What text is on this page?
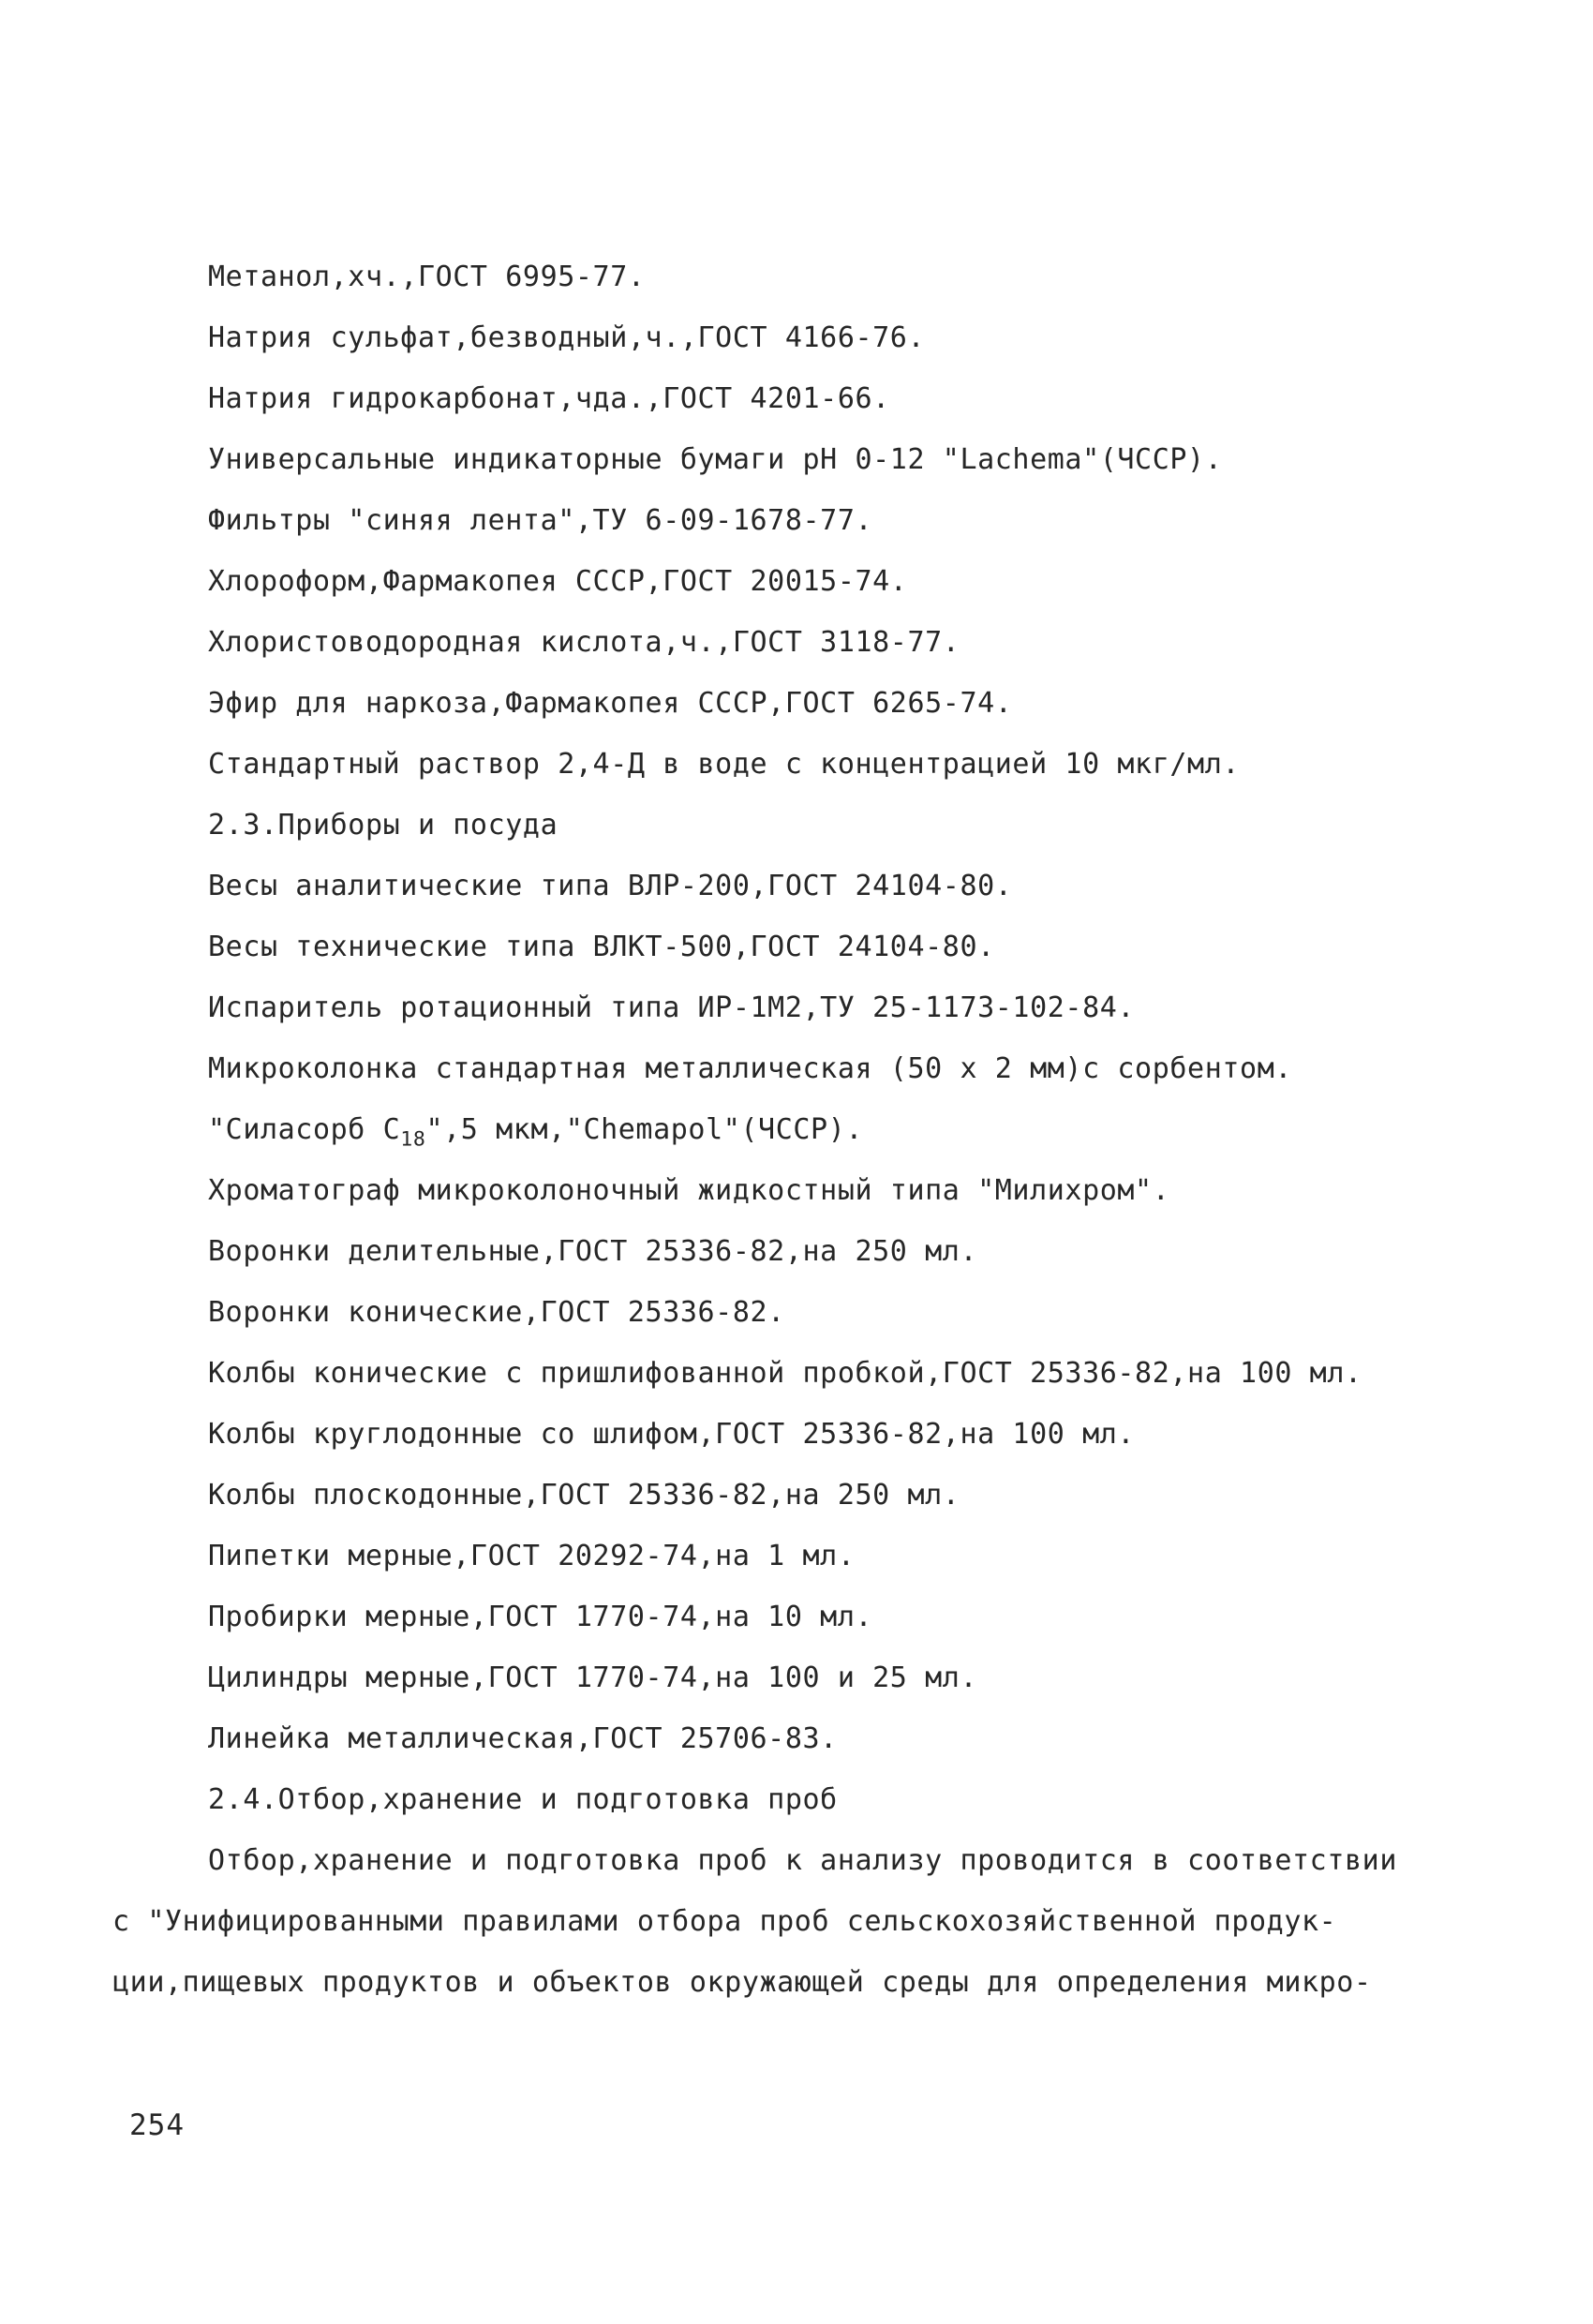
Метанол,хч.,ГОСТ 6995-77.
Натрия сульфат,безводный,ч.,ГОСТ 4166-76.
Натрия гидрокарбонат,чда.,ГОСТ 4201-66.
Универсальные индикаторные бумаги pH 0-12 "Lachema"(ЧССР).
Фильтры "синяя лента",ТУ 6-09-1678-77.
Хлороформ,Фармакопея СССР,ГОСТ 20015-74.
Хлористоводородная кислота,ч.,ГОСТ 3118-77.
Эфир для наркоза,Фармакопея СССР,ГОСТ 6265-74.
Стандартный раствор 2,4-Д в воде с концентрацией 10 мкг/мл.
2.3.Приборы и посуда
Весы аналитические типа ВЛР-200,ГОСТ 24104-80.
Весы технические типа ВЛКТ-500,ГОСТ 24104-80.
Испаритель ротационный типа ИР-1М2,ТУ 25-1173-102-84.
Микроколонка стандартная металлическая (50 х 2 мм)с сорбентом.
"Силасорб $С_{18}",5$ мкм,"Chemapol"(ЧССР).
Хроматограф микроколоночный жидкостный типа "Милихром".
Воронки делительные,ГОСТ 25336-82,на 250 мл.
Воронки конические,ГОСТ 25336-82.
Колбы конические с пришлифованной пробкой,ГОСТ 25336-82,на 100 мл.
Колбы круглодонные со шлифом,ГОСТ 25336-82,на 100 мл.
Колбы плоскодонные,ГОСТ 25336-82,на 250 мл.
Пипетки мерные,ГОСТ 20292-74,на 1 мл.
Пробирки мерные,ГОСТ 1770-74,на 10 мл.
Цилиндры мерные,ГОСТ 1770-74,на 100 и 25 мл.
Линейка металлическая,ГОСТ 25706-83.
2.4.Отбор,хранение и подготовка проб
Отбор,хранение и подготовка проб к анализу проводится в соответствии
с "Унифицированными правилами отбора проб сельскохозяйственной продук-
ции,пищевых продуктов и объектов окружающей среды для определения микро-
254
